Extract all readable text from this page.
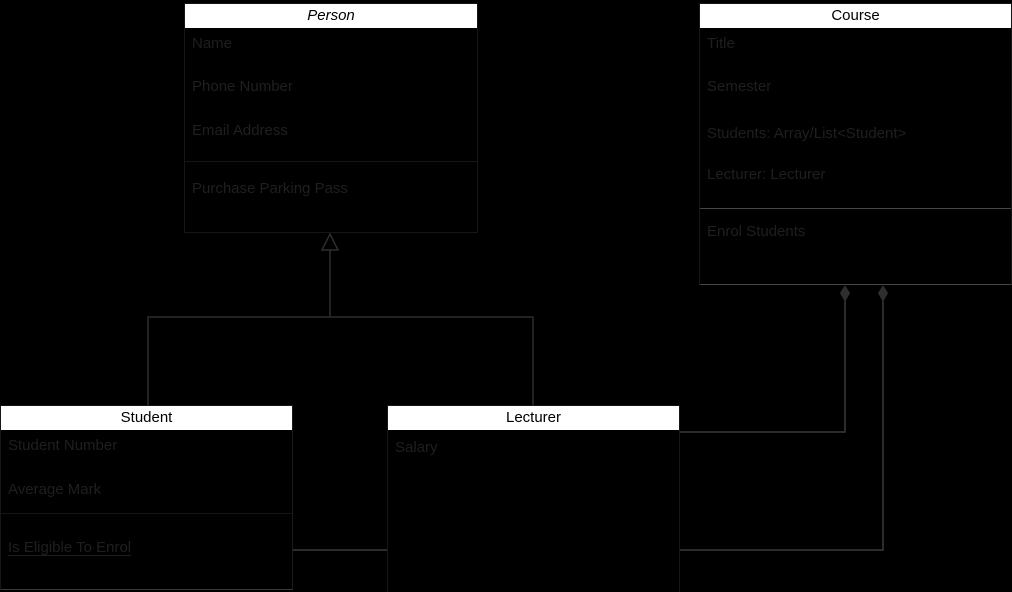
Person
Name
Phone Number
Email Address
Purchase Parking Pass
Course
Title
Semester
Students: Array/List<Student>
Lecturer: Lecturer
Enrol Students
Student
Student Number
Average Mark
Is Eligible To Enrol
Lecturer
Salary
